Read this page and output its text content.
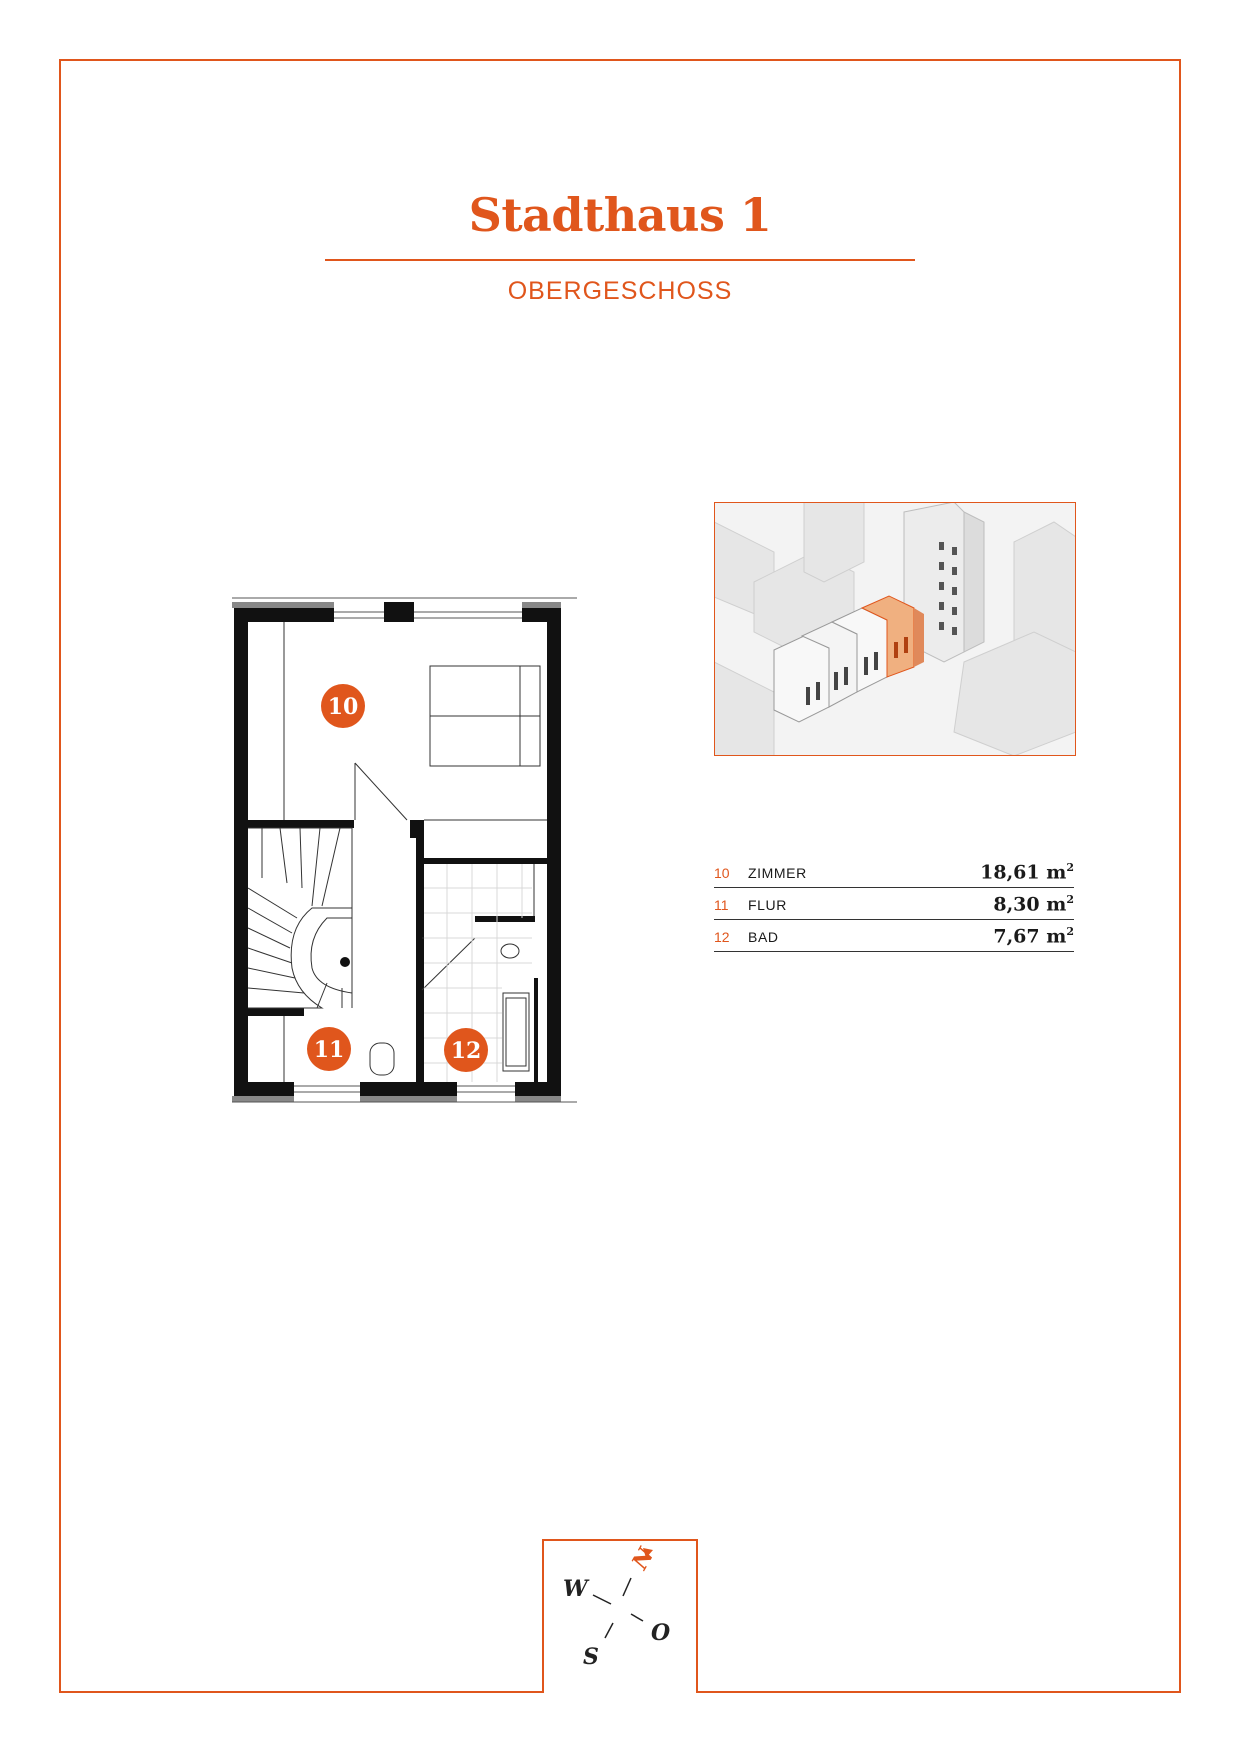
Stadthaus 1
OBERGESCHOSS
10
11	12
10 ZIMMER	18,61 $m^2$
11 FLUR	8,30 $m^2$
12 BAD	7,67 $m^2$
N
O
S
W
